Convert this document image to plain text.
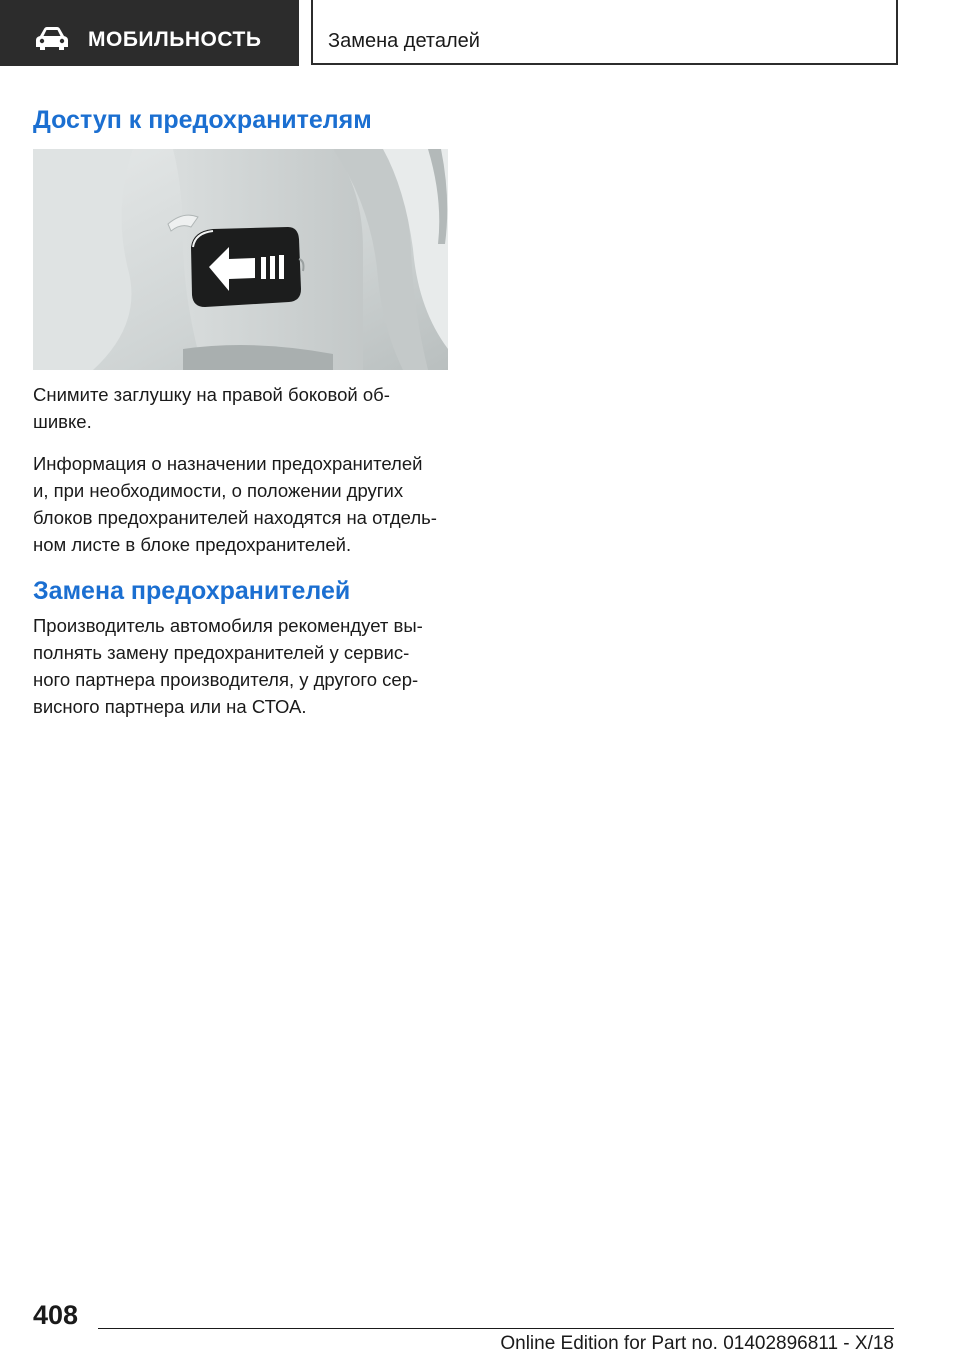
МОБИЛЬНОСТЬ	Замена деталей
Доступ к предохранителям

Снимите заглушку на правой боковой об-
шивке.

Информация о назначении предохранителей
и, при необходимости, о положении других
блоков предохранителей находятся на отдель-
ном листе в блоке предохранителей.

Замена предохранителей

Производитель автомобиля рекомендует вы-
полнять замену предохранителей у сервис-
ного партнера производителя, у другого сер-
висного партнера или на СТОА.

408
Online Edition for Part no. 01402896811 - X/18
